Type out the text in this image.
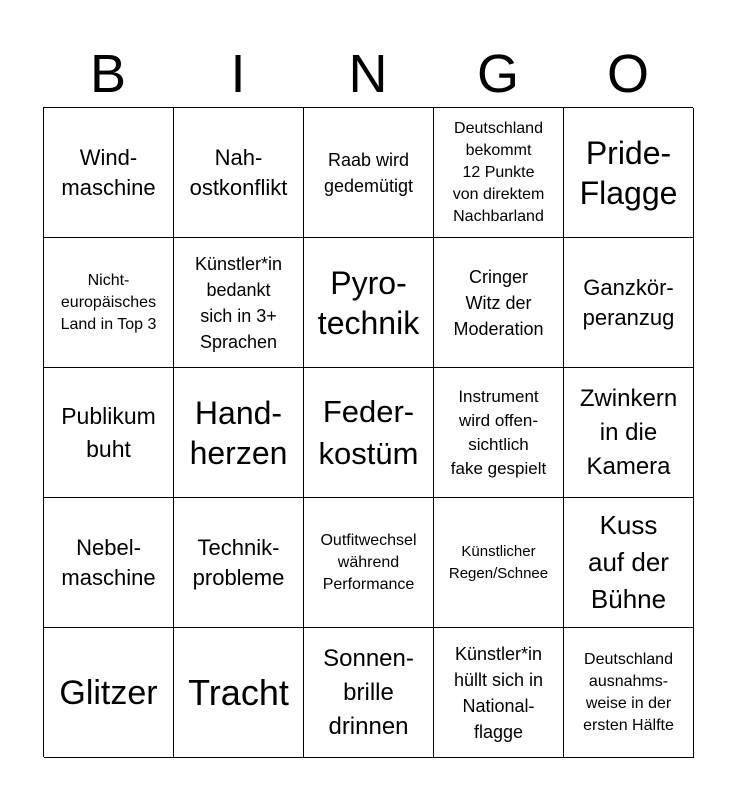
B	I	N	G	O
Wind-
maschine
Nah-
ostkonflikt
Raab wird
gedemütigt
Deutschland
bekommt
12 Punkte
von direktem
Nachbarland
Pride-
Flagge
Nicht-
europäisches
Land in Top 3
Künstler*in
bedankt
sich in 3+
Sprachen
Pyro-
technik
Cringer
Witz der
Moderation
Ganzkör-
peranzug
Publikum
buht
Hand-
herzen
Feder-
kostüm
Instrument
wird offen-
sichtlich
fake gespielt
Zwinkern
in die
Kamera
Nebel-
maschine
Technik-
probleme
Outfitwechsel
während
Performance
Künstlicher
Regen/Schnee
Kuss
auf der
Bühne
Glitzer Tracht
Sonnen-
brille
drinnen
Künstler*in
hüllt sich in
National-
flagge
Deutschland
ausnahms-
weise in der
ersten Hälfte
